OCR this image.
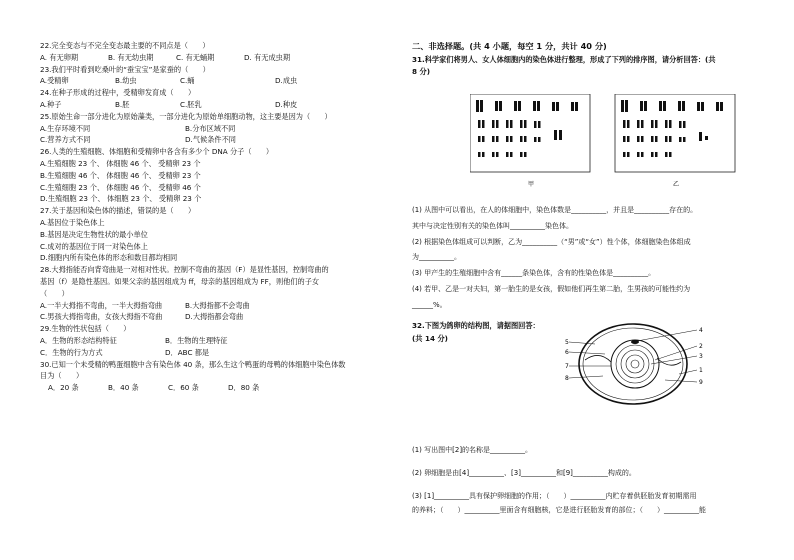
22.完全变态与不完全变态最主要的不同点是（　　）
A. 有无卵期	B. 有无幼虫期	C. 有无蛹期	D. 有无成虫期
23.我们平时看到吃桑叶的“蚕宝宝”是家蚕的（　　）
A.受精卵	B.幼虫	C.蛹	D.成虫
24.在种子形成的过程中，受精卵发育成（　　）
A.种子	B.胚	C.胚乳	D.种皮
25.原始生命一部分进化为原始藻类，一部分进化为原始单细胞动物，这主要是因为（　　）
A.生存环境不同	B.分布区域不同
C.营养方式不同	D.气候条件不同
26.人类的生殖细胞、体细胞和受精卵中各含有多少个 DNA 分子（　　）
A.生殖细胞 23 个、 体细胞 46 个、 受精卵 23 个
B.生殖细胞 46 个、 体细胞 46 个、 受精卵 23 个
C.生殖细胞 23 个、 体细胞 46 个、 受精卵 46 个
D.生殖细胞 23 个、 体细胞 23 个、 受精卵 23 个
27.关于基因和染色体的描述，错误的是（　　）
A.基因位于染色体上
B.基因是决定生物性状的最小单位
C.成对的基因位于同一对染色体上
D.细胞内所有染色体的形态和数目都均相同
28.大拇指能否向背弯曲是一对相对性状。控制不弯曲的基因（F）是显性基因，控制弯曲的
基因（f）是隐性基因。如果父亲的基因组成为 ff，母亲的基因组成为 FF，则他们的子女
（　　）
A.一半大拇指不弯曲，一半大拇指弯曲	B.大拇指都不会弯曲
C.男孩大拇指弯曲，女孩大拇指不弯曲	D.大拇指都会弯曲
29.生物的性状包括（　　）
A．生物的形态结构特征	B．生物的生理特征
C．生物的行为方式	D．ABC 都是
30.已知一个未受精的鸭蛋细胞中含有染色体 40 条，那么生这个鸭蛋的母鸭的体细胞中染色体数
目为（　　）
A．20 条	B．40 条	C．60 条	D．80 条
二、非选择题。(共 4 小题，每空 1 分，共计 40 分)
31.科学家们将男人、女人体细胞内的染色体进行整理，形成了下列的排序图，请分析回答：(共
8 分)
甲	乙
(1) 从图中可以看出，在人的体细胞中，染色体数是__________，并且是__________存在的。
其中与决定性别有关的染色体叫__________染色体。
(2) 根据染色体组成可以判断，乙为__________（“男”或“女”）性个体，体细胞染色体组成
为__________。
(3) 甲产生的生殖细胞中含有______条染色体，含有的性染色体是__________。
(4) 若甲、乙是一对夫妇，第一胎生的是女孩，假如他们再生第二胎，生男孩的可能性约为
______%。
32.下图为鸽卵的结构图，请据图回答：
(共 14 分)	5
6
7
8
4
2
3
1
9
(1) 写出图中[2]的名称是__________。
(2) 卵细胞是由[4]__________、[3]__________和[9]__________构成的。
(3) [1]__________具有保护卵细胞的作用；（　　）__________内贮存着供胚胎发育初期需用
的养料；（　　）__________里面含有细胞核，它是进行胚胎发育的部位；（　　）__________能
